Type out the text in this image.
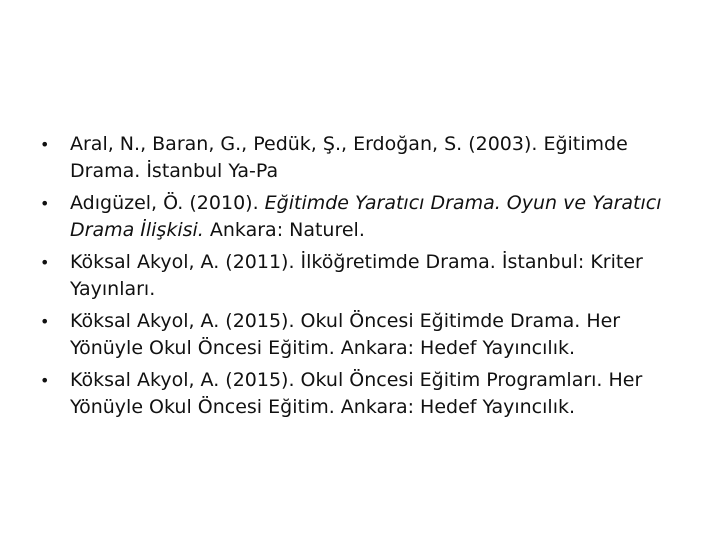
• Aral, N., Baran, G., Pedük, Ş., Erdoğan, S. (2003). Eğitimde Drama. İstanbul Ya-Pa
• Adıgüzel, Ö. (2010). Eğitimde Yaratıcı Drama. Oyun ve Yaratıcı Drama İlişkisi. Ankara: Naturel.
• Köksal Akyol, A. (2011). İlköğretimde Drama. İstanbul: Kriter Yayınları.
• Köksal Akyol, A. (2015). Okul Öncesi Eğitimde Drama. Her Yönüyle Okul Öncesi Eğitim. Ankara: Hedef Yayıncılık.
• Köksal Akyol, A. (2015). Okul Öncesi Eğitim Programları. Her Yönüyle Okul Öncesi Eğitim. Ankara: Hedef Yayıncılık.
